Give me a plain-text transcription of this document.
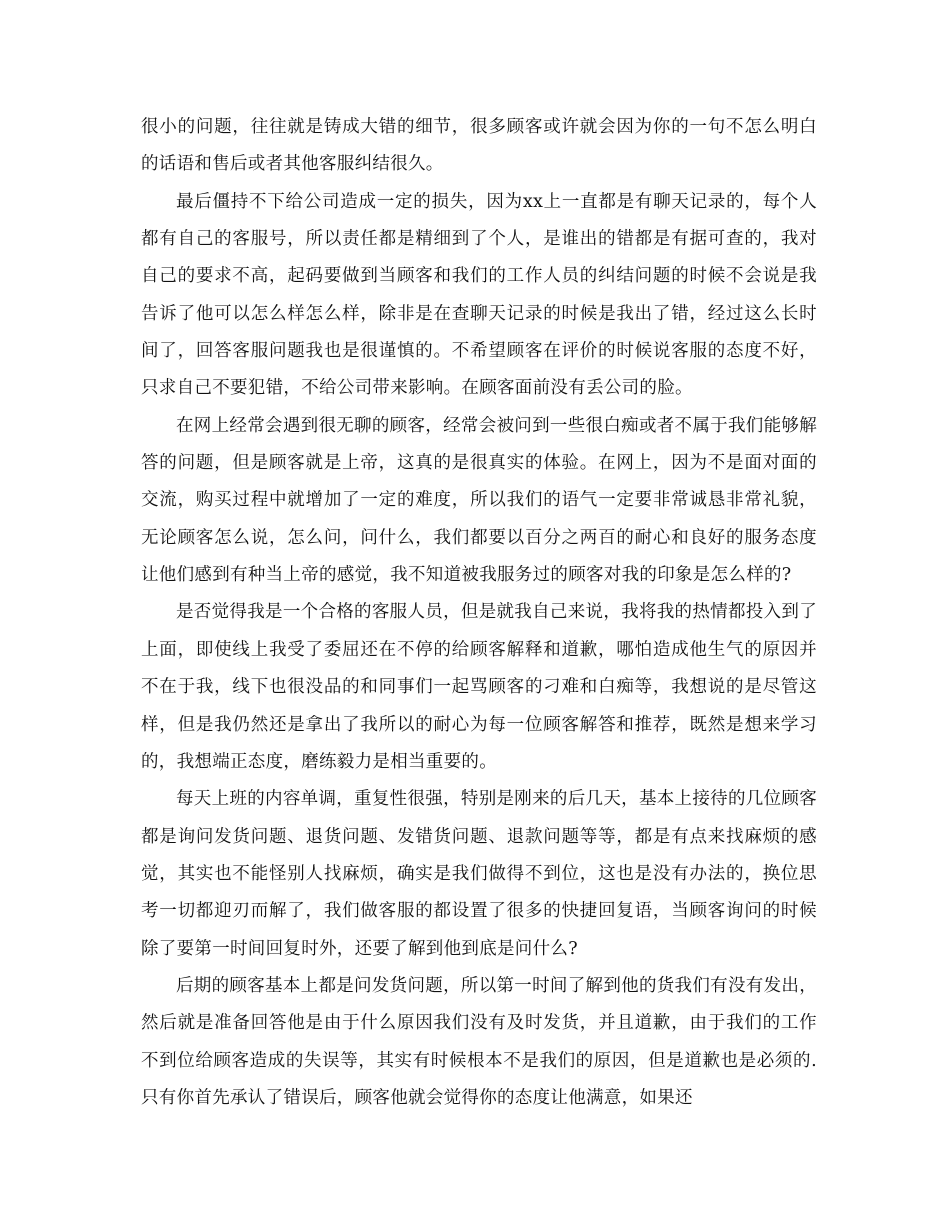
很小的问题，往往就是铸成大错的细节，很多顾客或许就会因为你的一句不怎么明白的话语和售后或者其他客服纠结很久。

最后僵持不下给公司造成一定的损失，因为xx上一直都是有聊天记录的，每个人都有自己的客服号，所以责任都是精细到了个人，是谁出的错都是有据可查的，我对自己的要求不高，起码要做到当顾客和我们的工作人员的纠结问题的时候不会说是我告诉了他可以怎么样怎么样，除非是在查聊天记录的时候是我出了错，经过这么长时间了，回答客服问题我也是很谨慎的。不希望顾客在评价的时候说客服的态度不好，只求自己不要犯错，不给公司带来影响。在顾客面前没有丢公司的脸。

在网上经常会遇到很无聊的顾客，经常会被问到一些很白痴或者不属于我们能够解答的问题，但是顾客就是上帝，这真的是很真实的体验。在网上，因为不是面对面的交流，购买过程中就增加了一定的难度，所以我们的语气一定要非常诚恳非常礼貌，无论顾客怎么说，怎么问，问什么，我们都要以百分之两百的耐心和良好的服务态度让他们感到有种当上帝的感觉，我不知道被我服务过的顾客对我的印象是怎么样的?

是否觉得我是一个合格的客服人员，但是就我自己来说，我将我的热情都投入到了上面，即使线上我受了委屈还在不停的给顾客解释和道歉，哪怕造成他生气的原因并不在于我，线下也很没品的和同事们一起骂顾客的刁难和白痴等，我想说的是尽管这样，但是我仍然还是拿出了我所以的耐心为每一位顾客解答和推荐，既然是想来学习的，我想端正态度，磨练毅力是相当重要的。

每天上班的内容单调，重复性很强，特别是刚来的后几天，基本上接待的几位顾客都是询问发货问题、退货问题、发错货问题、退款问题等等，都是有点来找麻烦的感觉，其实也不能怪别人找麻烦，确实是我们做得不到位，这也是没有办法的，换位思考一切都迎刃而解了，我们做客服的都设置了很多的快捷回复语，当顾客询问的时候除了要第一时间回复时外，还要了解到他到底是问什么?

后期的顾客基本上都是问发货问题，所以第一时间了解到他的货我们有没有发出，然后就是准备回答他是由于什么原因我们没有及时发货，并且道歉，由于我们的工作不到位给顾客造成的失误等，其实有时候根本不是我们的原因，但是道歉也是必须的.只有你首先承认了错误后，顾客他就会觉得你的态度让他满意，如果还
